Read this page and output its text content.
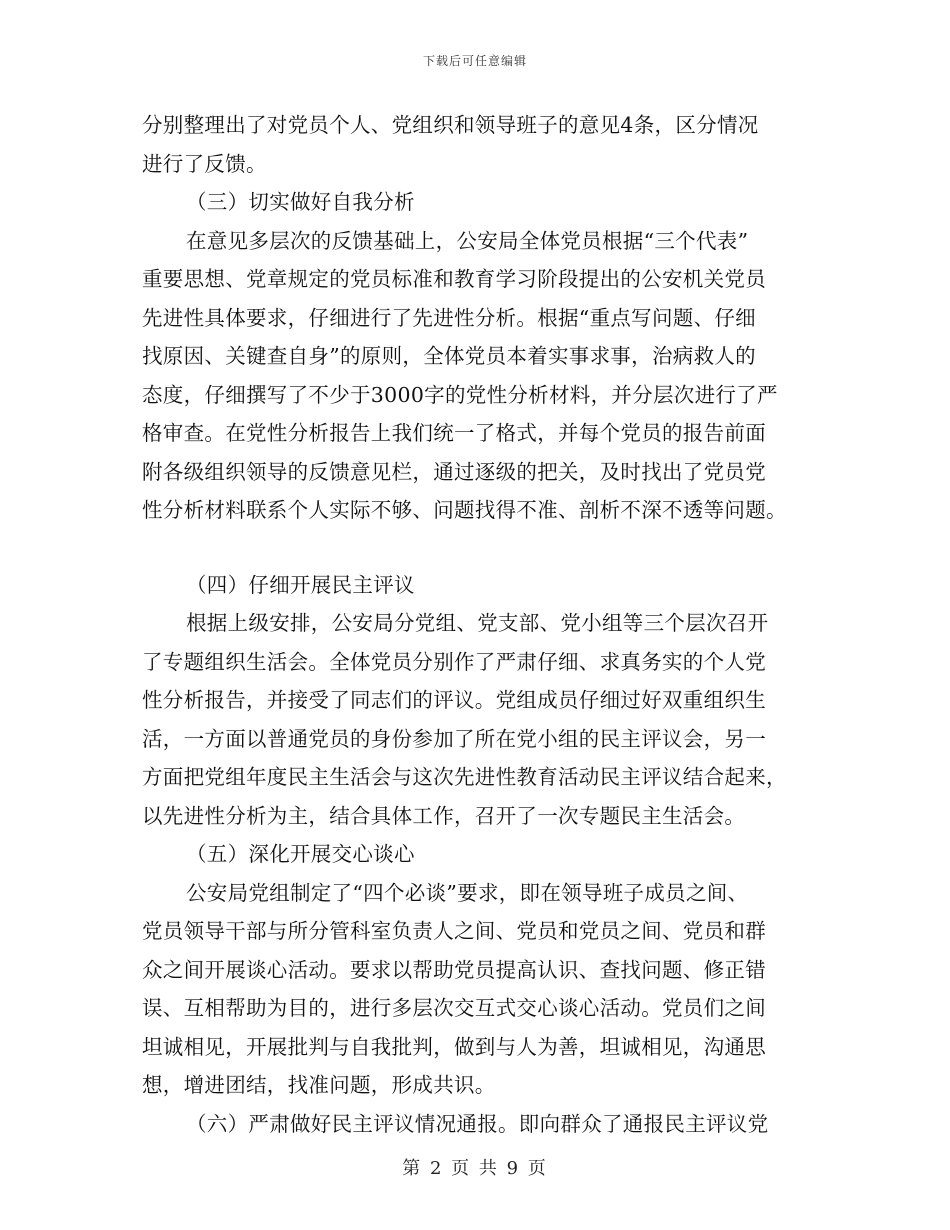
下载后可任意编辑
分别整理出了对党员个人、党组织和领导班子的意见4条，区分情况
进行了反馈。
（三）切实做好自我分析
在意见多层次的反馈基础上，公安局全体党员根据“三个代表”
重要思想、党章规定的党员标准和教育学习阶段提出的公安机关党员
先进性具体要求，仔细进行了先进性分析。根据“重点写问题、仔细
找原因、关键查自身”的原则，全体党员本着实事求事，治病救人的
态度，仔细撰写了不少于3000字的党性分析材料，并分层次进行了严
格审查。在党性分析报告上我们统一了格式，并每个党员的报告前面
附各级组织领导的反馈意见栏，通过逐级的把关，及时找出了党员党
性分析材料联系个人实际不够、问题找得不准、剖析不深不透等问题。
（四）仔细开展民主评议
根据上级安排，公安局分党组、党支部、党小组等三个层次召开
了专题组织生活会。全体党员分别作了严肃仔细、求真务实的个人党
性分析报告，并接受了同志们的评议。党组成员仔细过好双重组织生
活，一方面以普通党员的身份参加了所在党小组的民主评议会，另一
方面把党组年度民主生活会与这次先进性教育活动民主评议结合起来，
以先进性分析为主，结合具体工作，召开了一次专题民主生活会。
（五）深化开展交心谈心
公安局党组制定了“四个必谈”要求，即在领导班子成员之间、
党员领导干部与所分管科室负责人之间、党员和党员之间、党员和群
众之间开展谈心活动。要求以帮助党员提高认识、查找问题、修正错
误、互相帮助为目的，进行多层次交互式交心谈心活动。党员们之间
坦诚相见，开展批判与自我批判，做到与人为善，坦诚相见，沟通思
想，增进团结，找准问题，形成共识。
（六）严肃做好民主评议情况通报。即向群众了通报民主评议党
第 2 页 共 9 页
